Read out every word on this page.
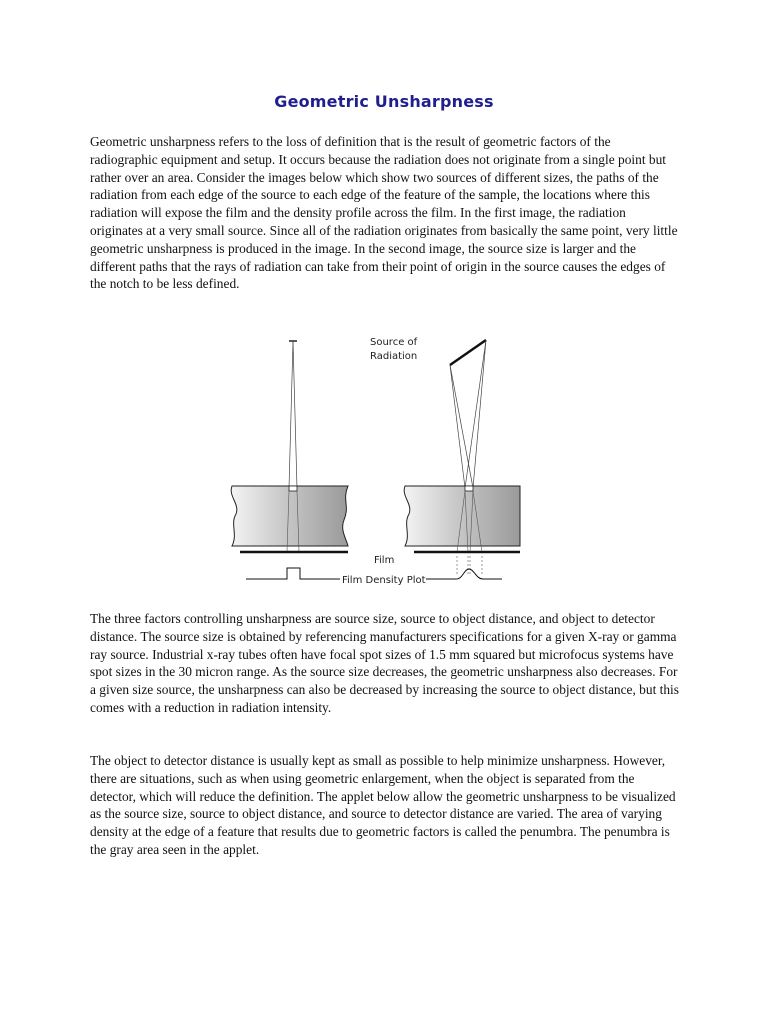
Geometric Unsharpness

Geometric unsharpness refers to the loss of definition that is the result of geometric factors of the radiographic equipment and setup. It occurs because the radiation does not originate from a single point but rather over an area. Consider the images below which show two sources of different sizes, the paths of the radiation from each edge of the source to each edge of the feature of the sample, the locations where this radiation will expose the film and the density profile across the film. In the first image, the radiation originates at a very small source. Since all of the radiation originates from basically the same point, very little geometric unsharpness is produced in the image. In the second image, the source size is larger and the different paths that the rays of radiation can take from their point of origin in the source causes the edges of the notch to be less defined.

Source of
Radiation
Film
Film Density Plot

The three factors controlling unsharpness are source size, source to object distance, and object to detector distance. The source size is obtained by referencing manufacturers specifications for a given X-ray or gamma ray source. Industrial x-ray tubes often have focal spot sizes of 1.5 mm squared but microfocus systems have spot sizes in the 30 micron range. As the source size decreases, the geometric unsharpness also decreases. For a given size source, the unsharpness can also be decreased by increasing the source to object distance, but this comes with a reduction in radiation intensity.

The object to detector distance is usually kept as small as possible to help minimize unsharpness. However, there are situations, such as when using geometric enlargement, when the object is separated from the detector, which will reduce the definition. The applet below allow the geometric unsharpness to be visualized as the source size, source to object distance, and source to detector distance are varied. The area of varying density at the edge of a feature that results due to geometric factors is called the penumbra. The penumbra is the gray area seen in the applet.
